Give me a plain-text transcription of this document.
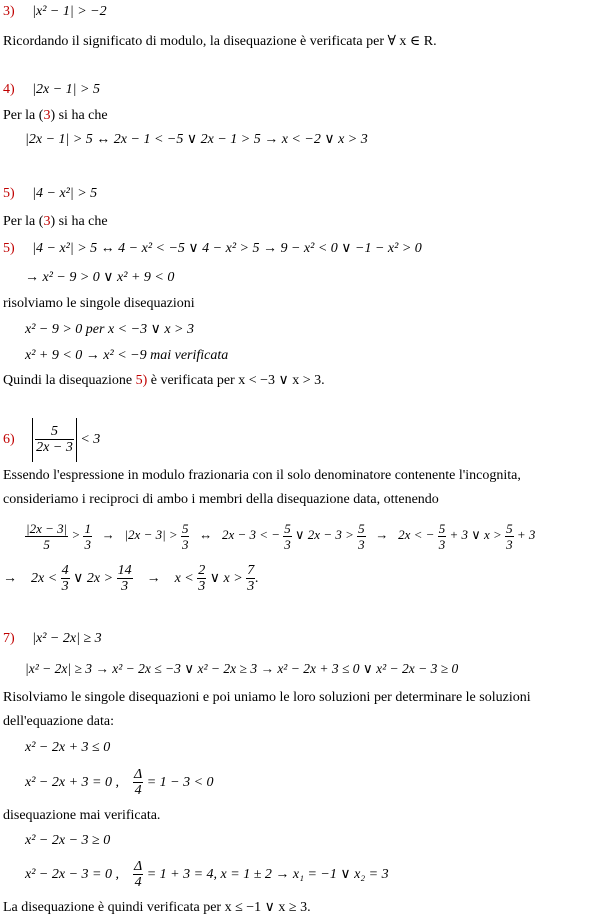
3) |x² − 1| > −2
Ricordando il significato di modulo, la disequazione è verificata per ∀ x ∈ R.
4) |2x − 1| > 5
Per la (3) si ha che
|2x − 1| > 5 ↔ 2x − 1 < −5 ∨ 2x − 1 > 5 → x < −2 ∨ x > 3
5) |4 − x²| > 5
Per la (3) si ha che
5) |4 − x²| > 5 ↔ 4 − x² < −5 ∨ 4 − x² > 5 → 9 − x² < 0 ∨ −1 − x² > 0
→ x² − 9 > 0 ∨ x² + 9 < 0
risolviamo le singole disequazioni
x² − 9 > 0 per x < −3 ∨ x > 3
x² + 9 < 0 → x² < −9 mai verificata
Quindi la disequazione 5) è verificata per x < −3 ∨ x > 3.
$6) \frac{5}{2x - 3} < 3$
Essendo l'espressione in modulo frazionaria con il solo denominatore contenente l'incognita,
consideriamo i reciproci di ambo i membri della disequazione data, ottenendo
$\frac{|2x - 3|}{5} > \frac{1}{3} \to |2x - 3| > \frac{5}{3}$ ↔ 2x − 3 < − $\frac{5}{3}$ ∨ $2x - 3 > \frac{5}{3} \to 2x$ < − $\frac{5}{3} + 3$ ∨ $x > \frac{5}{3} + 3$
→ $2x < \frac{4}{3}$ ∨ $2x > \frac{14}{3} \to x < \frac{2}{3}$ ∨ $x > \frac{7}{3}$ .
7) |x² − 2x| ≥ 3
|x² − 2x| ≥ 3 → x² − 2x ≤ −3 ∨ x² − 2x ≥ 3 → x² − 2x + 3 ≤ 0 ∨ x² − 2x − 3 ≥ 0
Risolviamo le singole disequazioni e poi uniamo le loro soluzioni per determinare le soluzioni
dell'equazione data:
x² − 2x + 3 ≤ 0
x² − 2x + 3 = 0 , $\frac{\Delta}{4} = 1 - 3 < 0$
disequazione mai verificata.
x² − 2x − 3 ≥ 0
x² − 2x − 3 = 0 , $\frac{\Delta}{4} = 1 + 3 = 4$, x = 1 ± 2 → x₁ = −1 ∨ x₂ = 3
La disequazione è quindi verificata per x ≤ −1 ∨ x ≥ 3.
